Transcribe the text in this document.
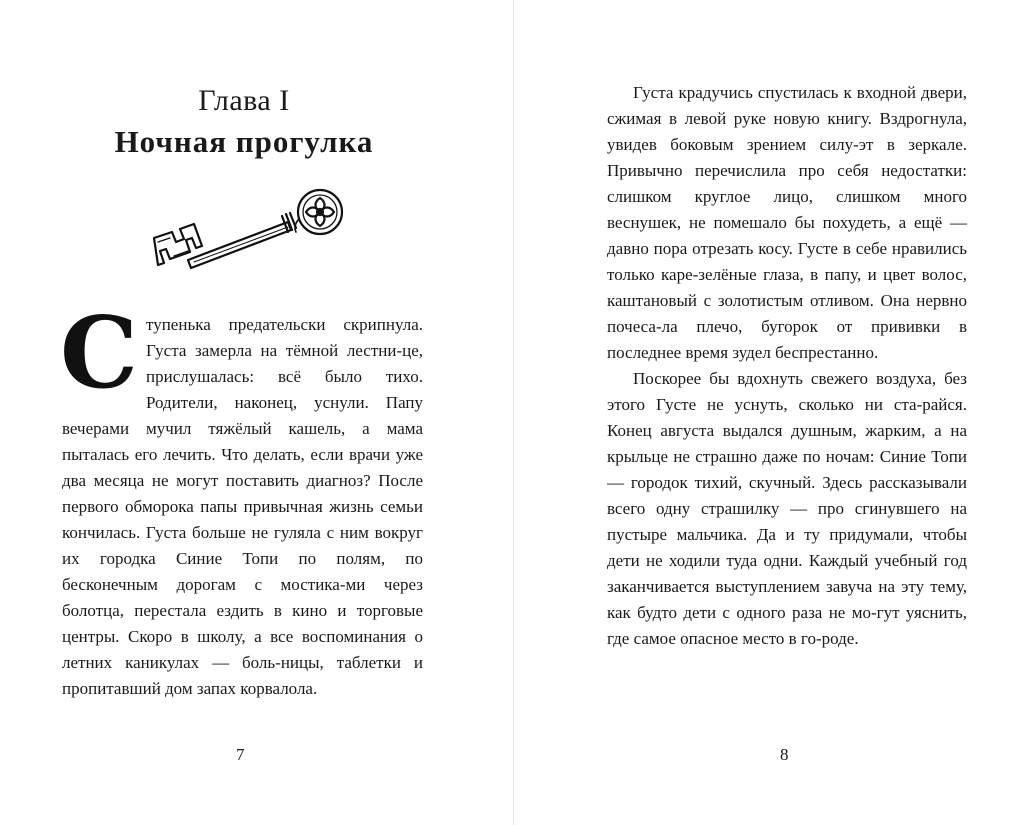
Глава I
Ночная прогулка

Ступенька предательски скрипнула. Густа замерла на тёмной лестни-це, прислушалась: всё было тихо. Родители, наконец, уснули. Папу вечерами мучил тяжёлый кашель, а мама пыталась его лечить. Что делать, если врачи уже два месяца не могут поставить диагноз? После первого обморока папы привычная жизнь семьи кончилась. Густа больше не гуляла с ним вокруг их городка Синие Топи по полям, по бесконечным дорогам с мостика-ми через болотца, перестала ездить в кино и торговые центры. Скоро в школу, а все воспоминания о летних каникулах — боль-ницы, таблетки и пропитавший дом запах корвалола.

7

Густа крадучись спустилась к входной двери, сжимая в левой руке новую книгу. Вздрогнула, увидев боковым зрением силу-эт в зеркале. Привычно перечислила про себя недостатки: слишком круглое лицо, слишком много веснушек, не помешало бы похудеть, а ещё — давно пора отрезать косу. Густе в себе нравились только каре-зелёные глаза, в папу, и цвет волос, каштановый с золотистым отливом. Она нервно почеса-ла плечо, бугорок от прививки в последнее время зудел беспрестанно.

Поскорее бы вдохнуть свежего воздуха, без этого Густе не уснуть, сколько ни ста-райся. Конец августа выдался душным, жарким, а на крыльце не страшно даже по ночам: Синие Топи — городок тихий, скучный. Здесь рассказывали всего одну страшилку — про сгинувшего на пустыре мальчика. Да и ту придумали, чтобы дети не ходили туда одни. Каждый учебный год заканчивается выступлением завуча на эту тему, как будто дети с одного раза не мо-гут уяснить, где самое опасное место в го-роде.

8
